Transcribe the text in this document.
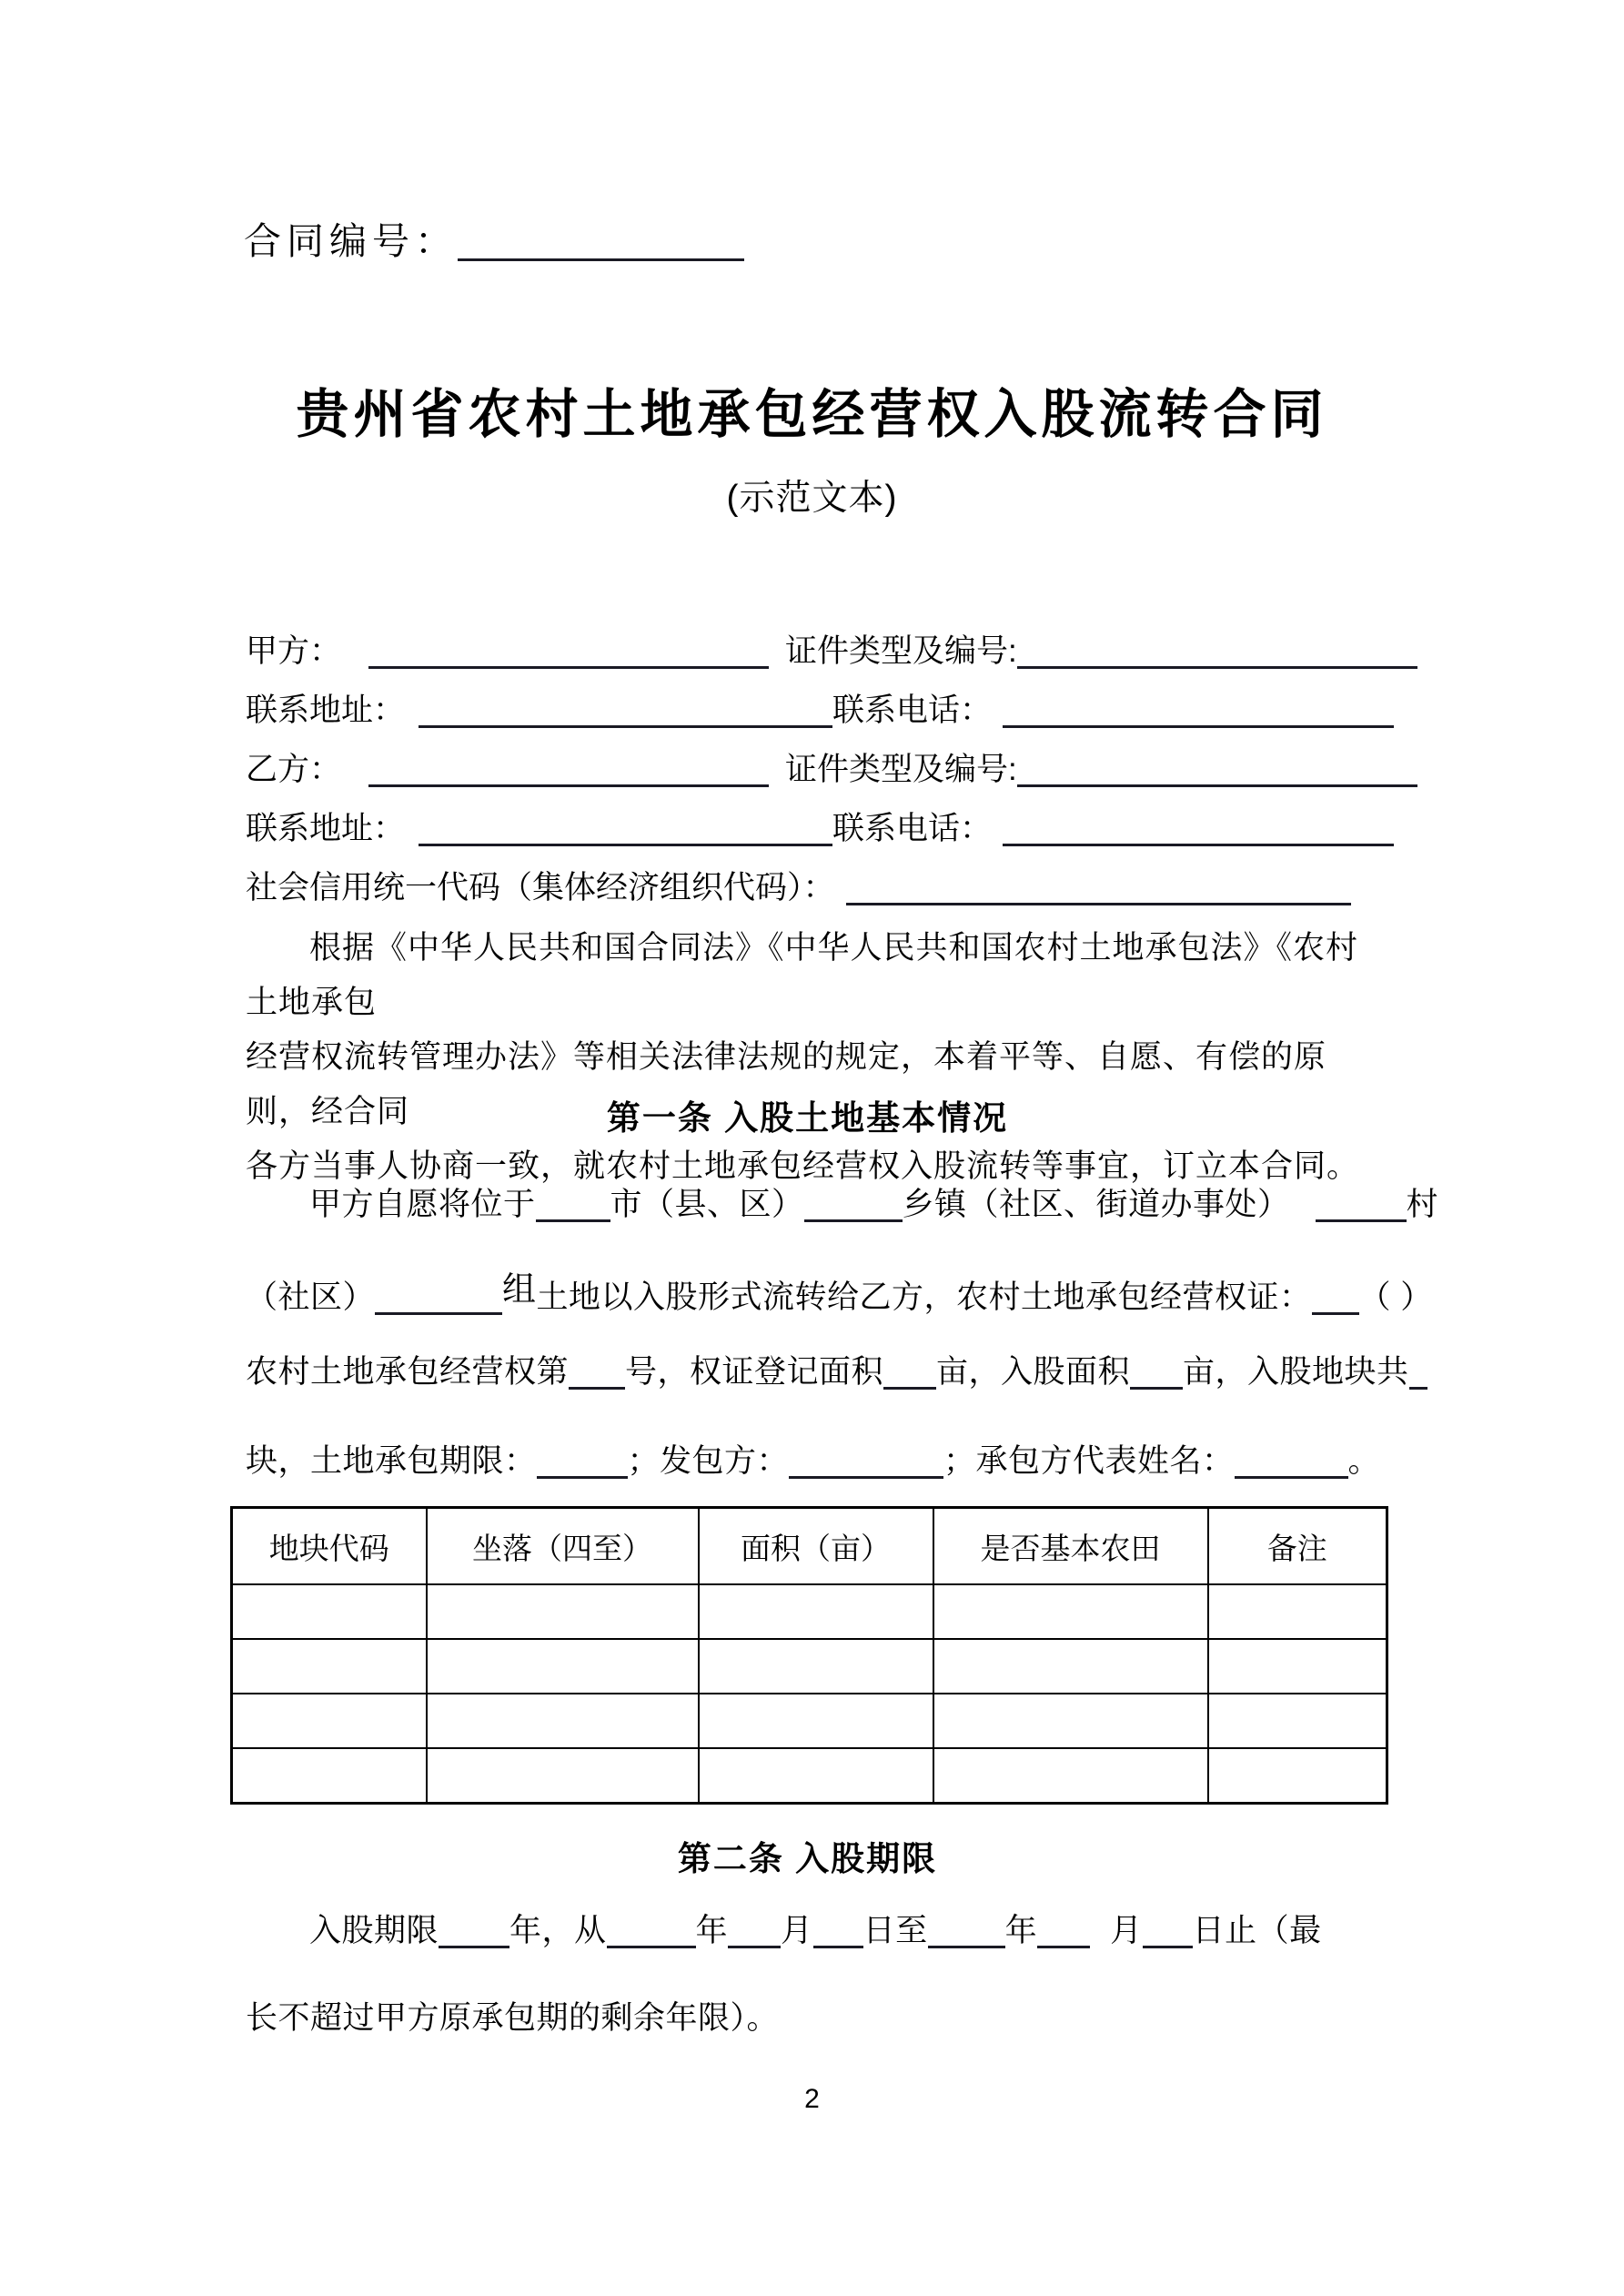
合同编号：
贵州省农村土地承包经营权入股流转合同
(示范文本)
甲方：	证件类型及编号:
联系地址：	联系电话：
乙方：	证件类型及编号:
联系地址：	联系电话：
社会信用统一代码（集体经济组织代码）：
根据《中华人民共和国合同法》《中华人民共和国农村土地承包法》《农村土地承包
经营权流转管理办法》等相关法律法规的规定，本着平等、自愿、有偿的原则，经合同
各方当事人协商一致，就农村土地承包经营权入股流转等事宜，订立本合同。
第一条 入股土地基本情况
甲方自愿将位于 市（县、区）	乡镇（社区、街道办事处）	村
（社区）	组土地以入股形式流转给乙方，农村土地承包经营权证： （ ）
农村土地承包经营权第 号，权证登记面积 亩，入股面积 亩，入股地块共
块，土地承包期限：	；发包方：	；承包方代表姓名：	。
地块代码	坐落（四至）	面积（亩）	是否基本农田	备注

第二条 入股期限
入股期限 年，从	年 月 日至 年 月 日止（最
长不超过甲方原承包期的剩余年限）。
2
